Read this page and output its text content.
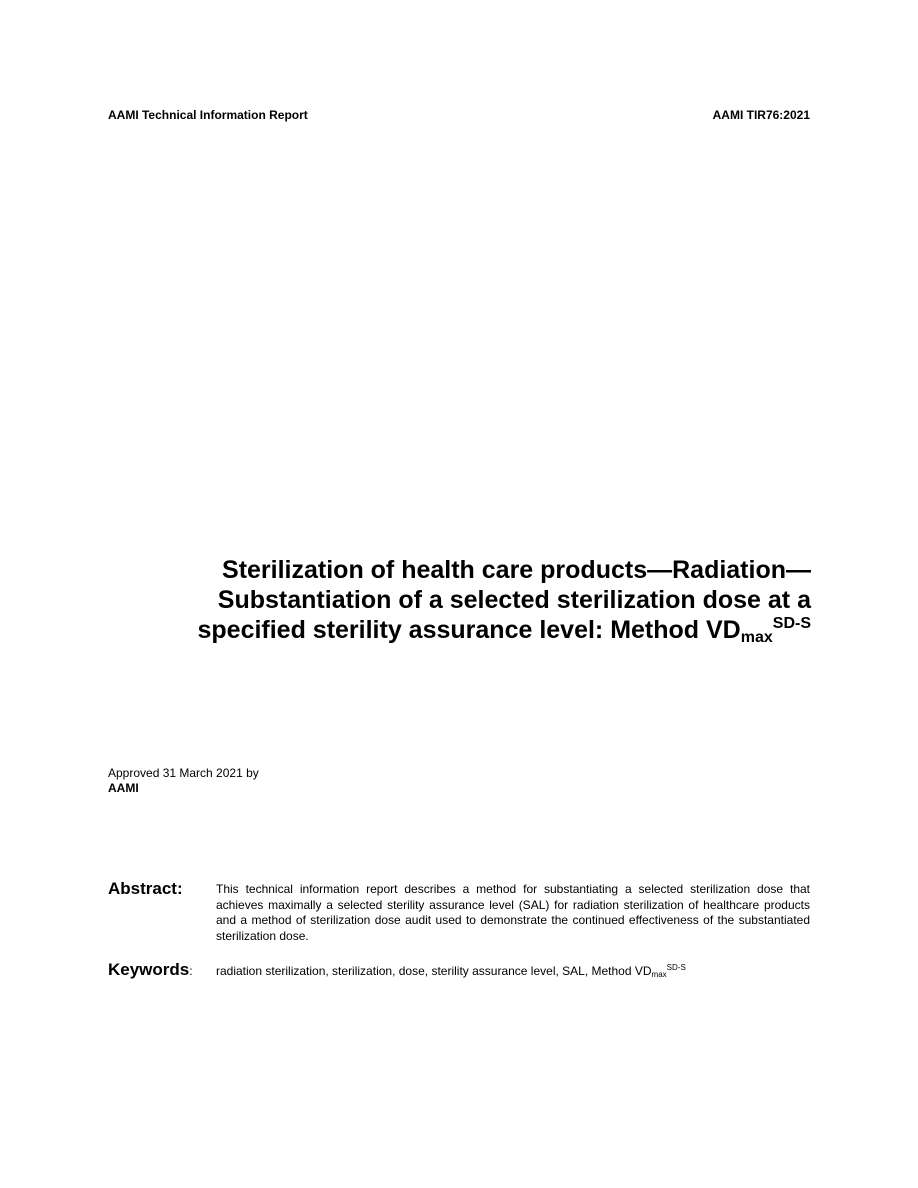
AAMI Technical Information Report	AAMI TIR76:2021
Sterilization of health care products—Radiation—
Substantiation of a selected sterilization dose at a
specified sterility assurance level: Method $VD_{max}^{SD-S}$
Approved 31 March 2021 by
AAMI
Abstract:	This technical information report describes a method for substantiating a selected sterilization dose that achieves maximally a selected sterility assurance level (SAL) for radiation sterilization of healthcare products and a method of sterilization dose audit used to demonstrate the continued effectiveness of the substantiated sterilization dose.
Keywords: radiation sterilization, sterilization, dose, sterility assurance level, SAL, Method $VD_{max}^{SD-S}$
